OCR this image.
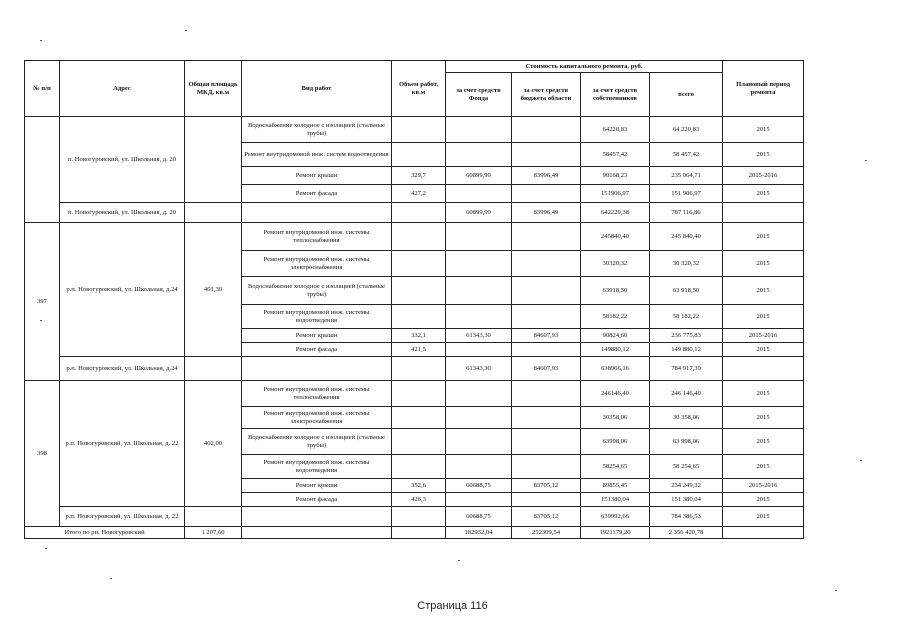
№ п/п	Адрес	Общая площадь МКД, кв.м	Вид работ	Объем работ, кв.м	Стоимость капитального ремонта, руб.				Плановый период ремонта
					за счет средств Фонда	за счет средств бюджета области	за счет средств собственников	всего	
	п. Новогуровский, ул. Школьная, д. 20		Водоснабжение холодное с изоляцией (стальные трубы)				64220,83	64 220,83	2015
			Ремонт внутридомовой инж. систем водоотведения				58457,42	58 457,42	2015
			Ремонт крыши	329,7	60899,99	83996,49	90168,23	235 064,71	2015-2016
			Ремонт фасада	427,2			151906,97	151 906,97	2015
	п. Новогуровский, ул. Школьная, д. 20				60899,99	83996,49	642220,38	787 116,86	
397	р.п. Новогуровский, ул. Школьная, д.24	401,30	Ремонт внутридомовой инж. системы теплоснабжения				245840,40	245 840,40	2015
			Ремонт внутридомовой инж. системы электроснабжения				30320,32	30 320,32	2015
			Водоснабжение холодное с изоляцией (стальные трубы)				63918,50	63 918,50	2015
			Ремонт внутридомовой инж. системы водоотведения				58182,22	58 182,22	2015
			Ремонт крыши	332,1	61343,30	84607,93	90824,60	236 775,83	2015-2016
			Ремонт фасада	421,5			149880,12	149 880,12	2015
	р.п. Новогуровский, ул. Школьная, д.24				61343,30	84607,93	638966,16	784 917,39	
398	р.п. Новогуровский, ул. Школьная, д. 22	402,00	Ремонт внутридомовой инж. системы теплоснабжения				246146,40	246 146,40	2015
			Ремонт внутридомовой инж. системы электроснабжения				30358,06	30 358,06	2015
			Водоснабжение холодное с изоляцией (стальные трубы)				63998,06	63 998,06	2015
			Ремонт внутридомовой инж. системы водоотведения				58254,65	58 254,65	2015
			Ремонт крыши	352,6	60688,75	83705,12	89855,45	234 249,32	2015-2016
			Ремонт фасада	426,3			151380,04	151 380,04	2015
	р.п. Новогуровский, ул. Школьная, д. 22				60688,75	83705,12	639992,66	784 386,53	2015
Итого по рп. Новогуровский		1 207,60			182932,04	252309,54	1921179,20	2 356 420,78	
Страница 116
